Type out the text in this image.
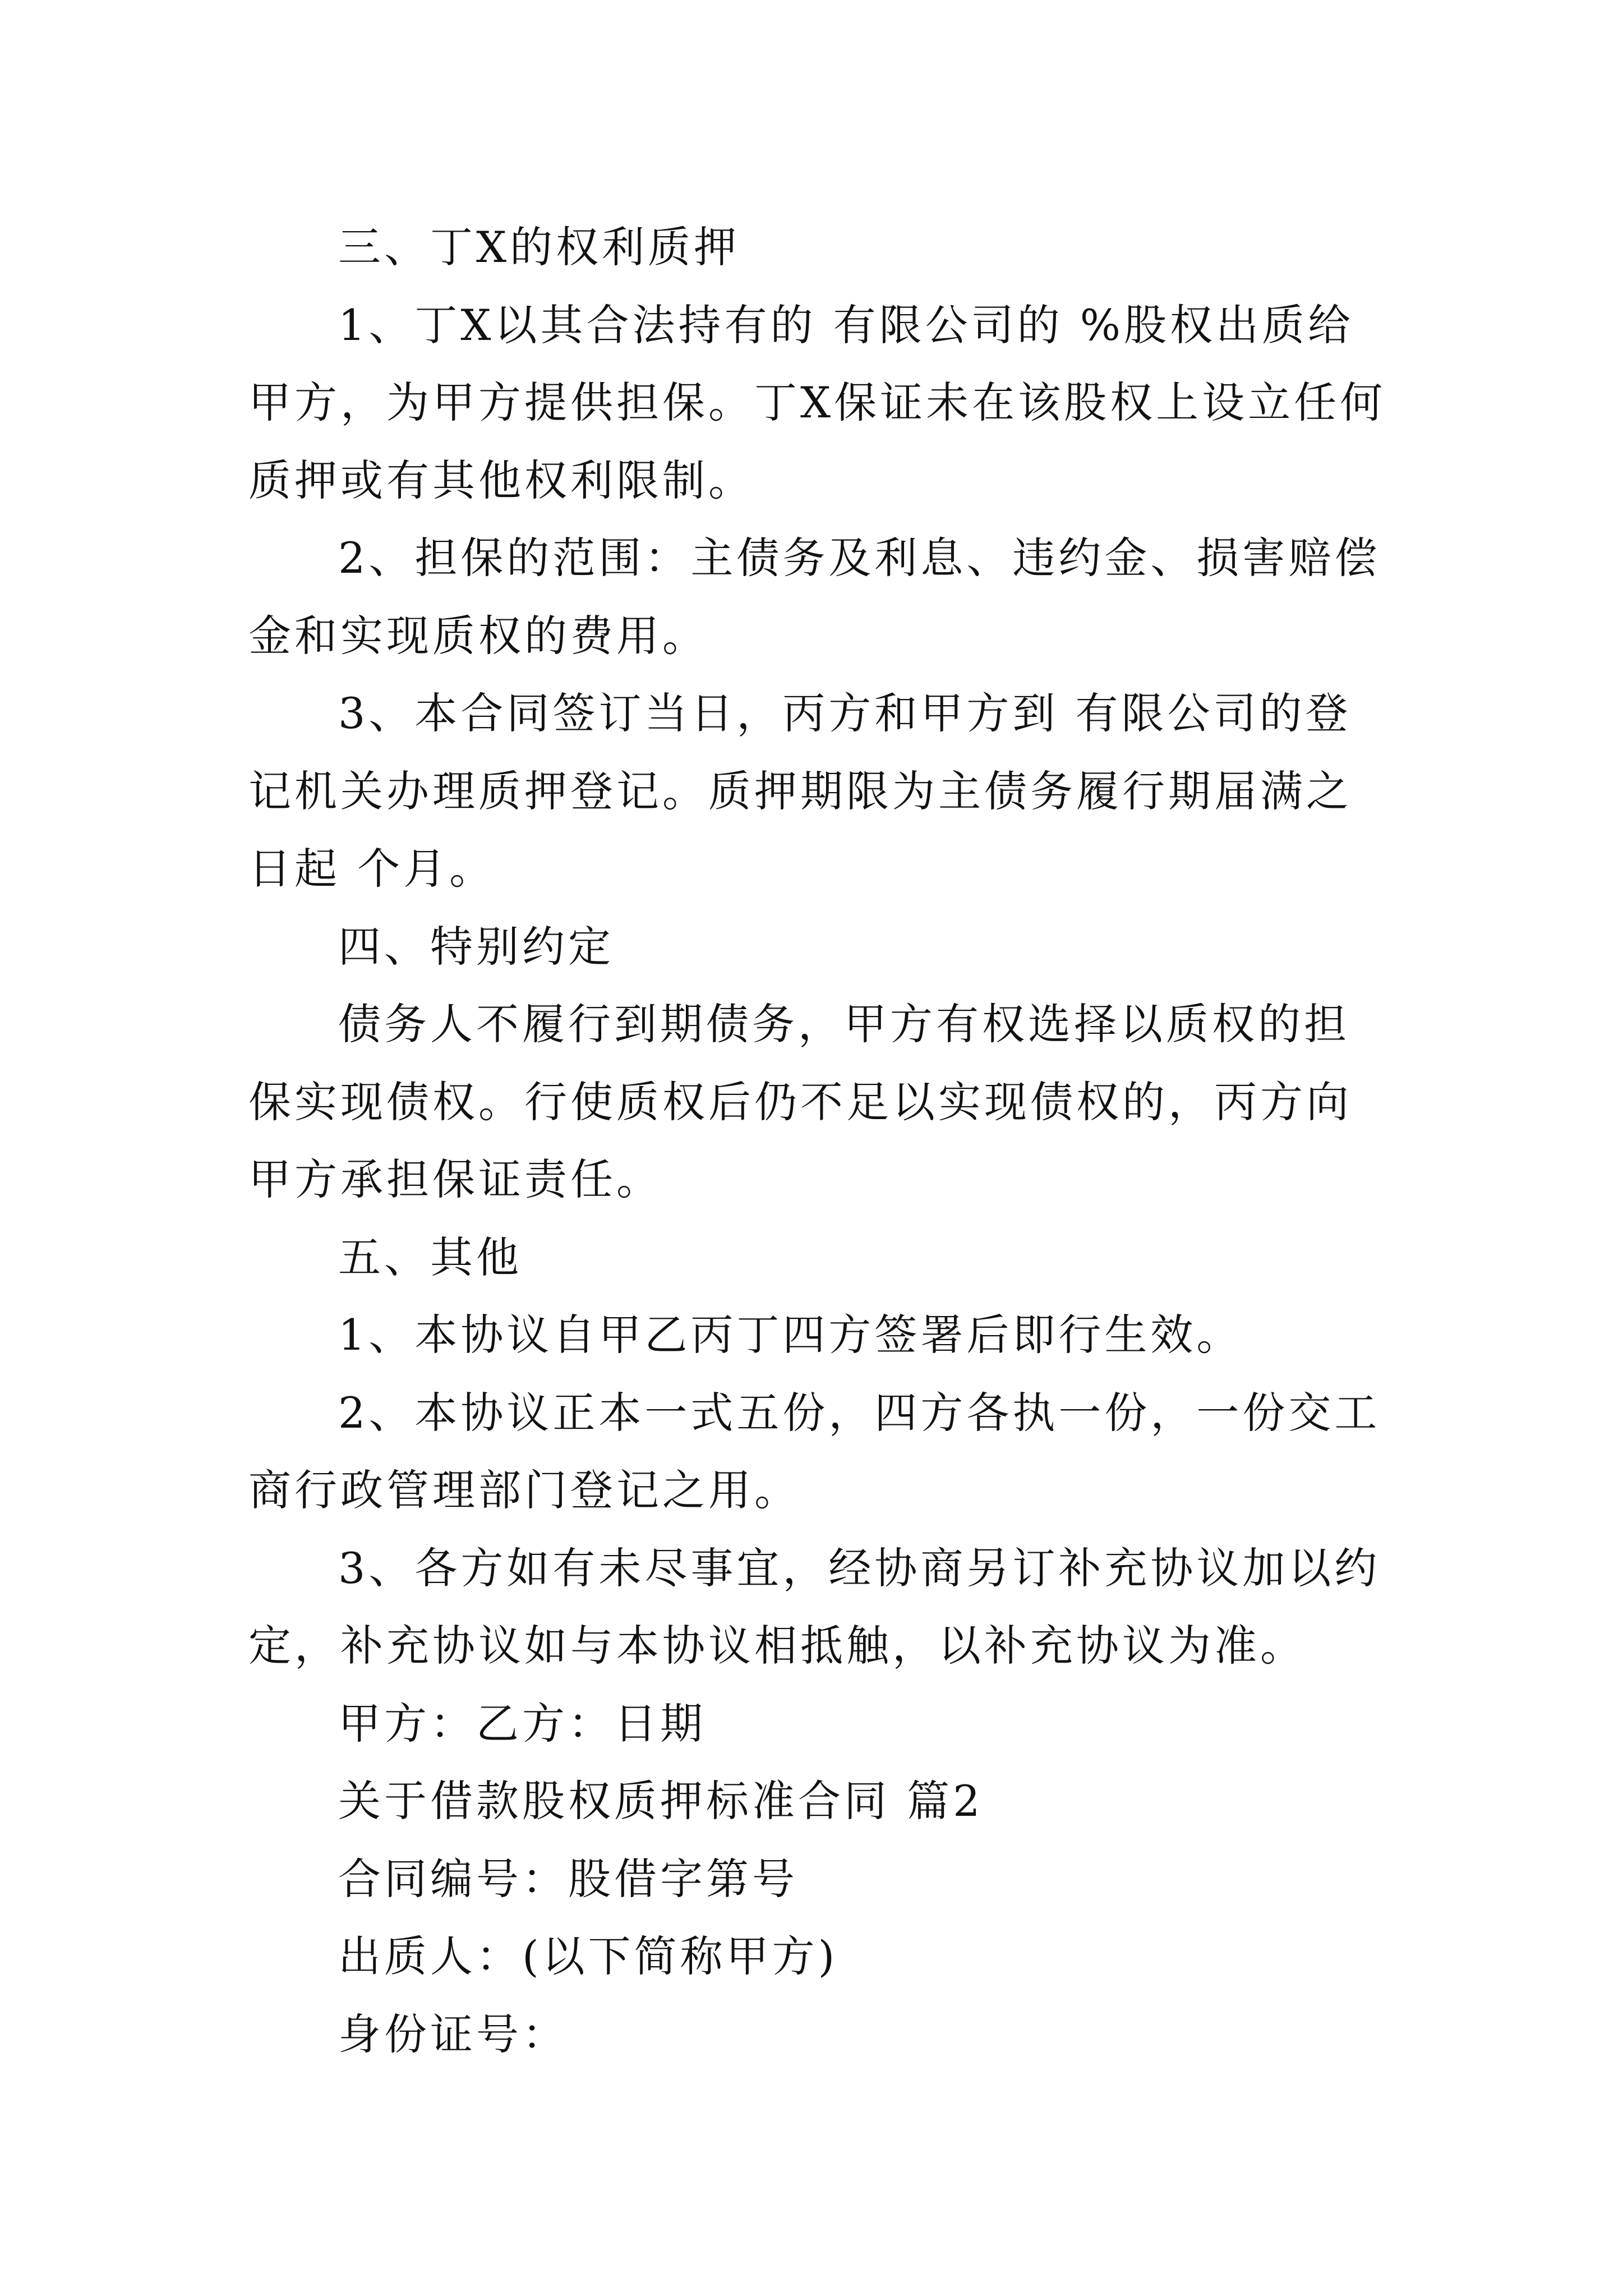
三、丁X的权利质押

1、丁X以其合法持有的 有限公司的 %股权出质给甲方，为甲方提供担保。丁X保证未在该股权上设立任何质押或有其他权利限制。

2、担保的范围：主债务及利息、违约金、损害赔偿金和实现质权的费用。

3、本合同签订当日，丙方和甲方到 有限公司的登记机关办理质押登记。质押期限为主债务履行期届满之日起 个月。

四、特别约定

债务人不履行到期债务，甲方有权选择以质权的担保实现债权。行使质权后仍不足以实现债权的，丙方向甲方承担保证责任。

五、其他

1、本协议自甲乙丙丁四方签署后即行生效。

2、本协议正本一式五份，四方各执一份，一份交工商行政管理部门登记之用。

3、各方如有未尽事宜，经协商另订补充协议加以约定，补充协议如与本协议相抵触，以补充协议为准。

甲方：乙方：日期

关于借款股权质押标准合同 篇2

合同编号：股借字第号

出质人：(以下简称甲方)

身份证号：
